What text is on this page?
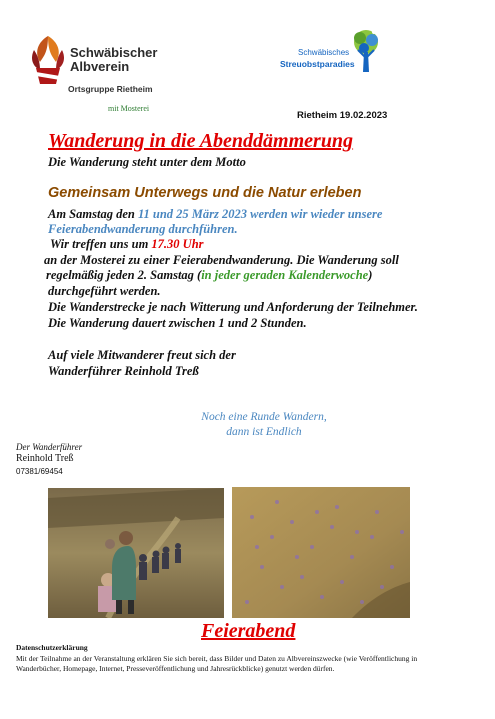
Schwäbischer
Albverein
Ortsgruppe Rietheim
mit Mosterei
Schwäbisches
Streuobstparadies
Rietheim 19.02.2023
Wanderung in die Abenddämmerung
Die Wanderung steht unter dem Motto
Gemeinsam Unterwegs und die Natur erleben
Am Samstag den 11 und 25 März 2023 werden wir wieder unsere
Feierabendwanderung durchführen.
Wir treffen uns um 17.30 Uhr
an der Mosterei zu einer Feierabendwanderung. Die Wanderung soll
regelmäßig jeden 2. Samstag (in jeder geraden Kalenderwoche)
durchgeführt werden.
Die Wanderstrecke je nach Witterung und Anforderung der Teilnehmer.
Die Wanderung dauert zwischen 1 und 2 Stunden.
Auf viele Mitwanderer freut sich der
Wanderführer Reinhold Treß
Noch eine Runde Wandern,
dann ist Endlich
Der Wanderführer
Reinhold Treß
07381/69454
Feierabend
Datenschutzerklärung
Mit der Teilnahme an der Veranstaltung erklären Sie sich bereit, dass Bilder und Daten zu Albvereinszwecke (wie Veröffentlichung in Wanderbücher, Homepage, Internet, Presseveröffentlichung und Jahresrückblicke) genutzt werden dürfen.
